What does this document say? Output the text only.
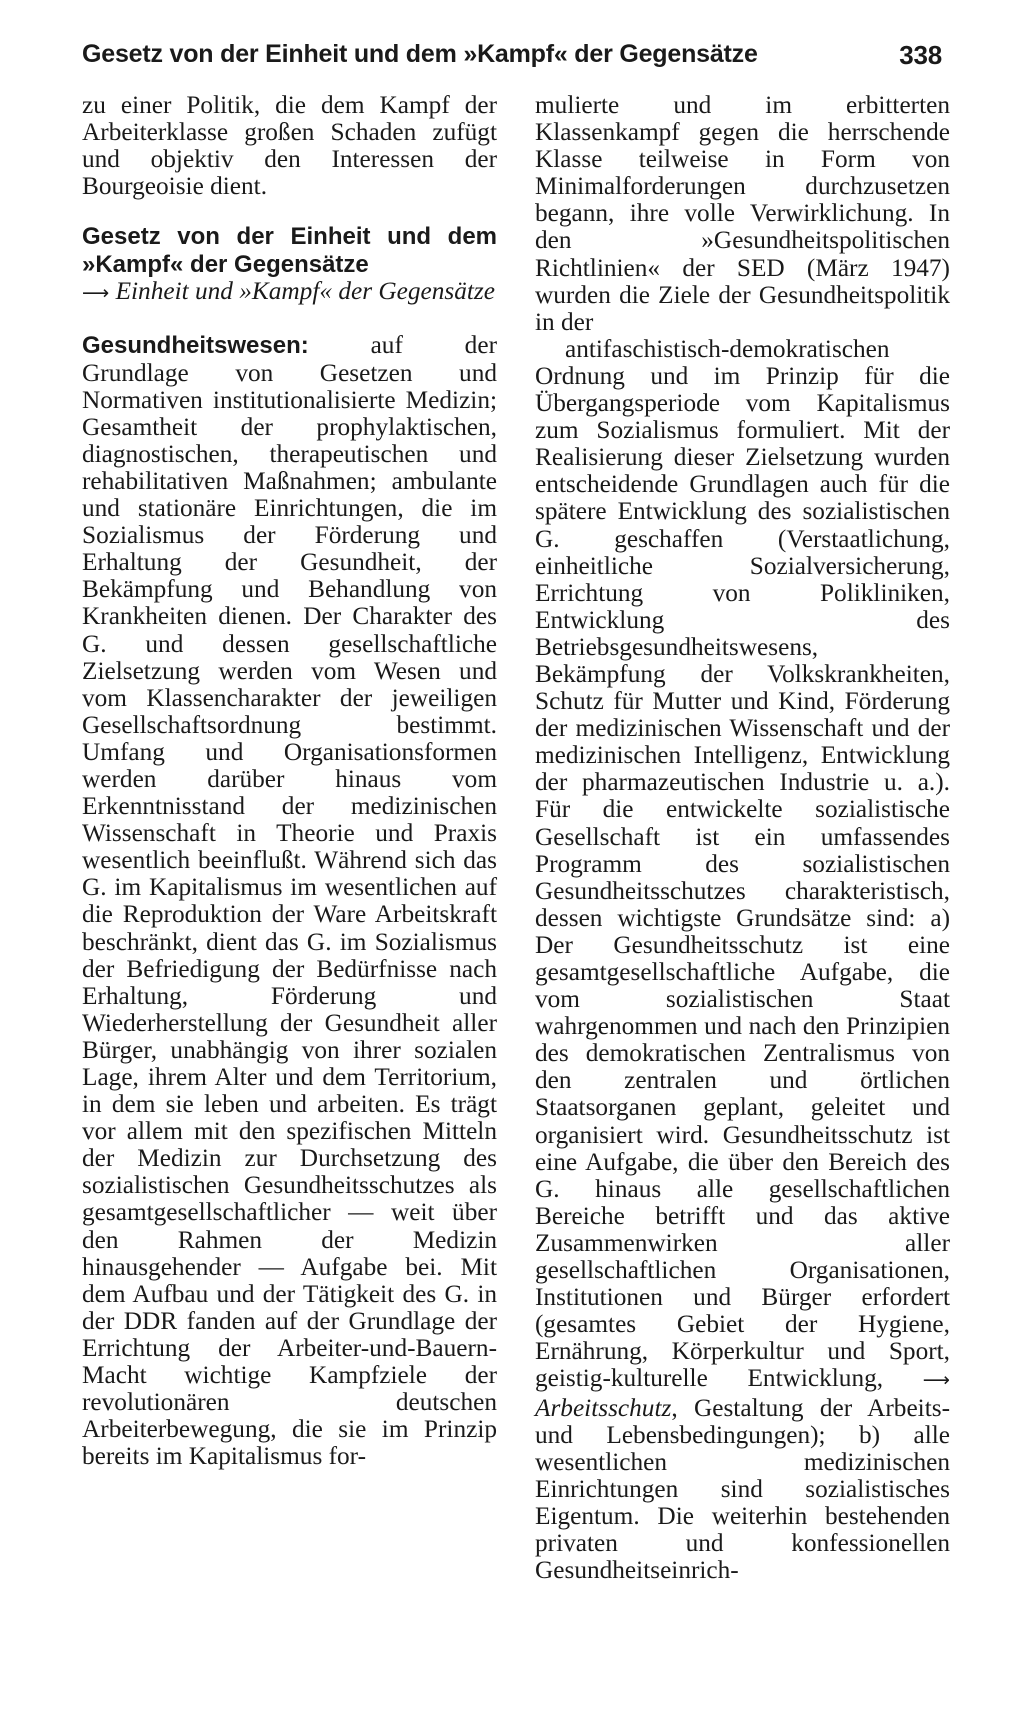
Gesetz von der Einheit und dem »Kampf« der Gegensätze	338

zu einer Politik, die dem Kampf der Arbeiterklasse großen Schaden zufügt und objektiv den Interessen der Bourgeoisie dient.

Gesetz von der Einheit und dem »Kampf« der Gegensätze

⟶ Einheit und »Kampf« der Gegensätze

Gesundheitswesen: auf der Grundlage von Gesetzen und Normativen institutionalisierte Medizin; Gesamtheit der prophylaktischen, diagnostischen, therapeutischen und rehabilitativen Maßnahmen; ambulante und stationäre Einrichtungen, die im Sozialismus der Förderung und Erhaltung der Gesundheit, der Bekämpfung und Behandlung von Krankheiten dienen. Der Charakter des G. und dessen gesellschaftliche Zielsetzung werden vom Wesen und vom Klassencharakter der jeweiligen Gesellschaftsordnung bestimmt. Umfang und Organisationsformen werden darüber hinaus vom Erkenntnisstand der medizinischen Wissenschaft in Theorie und Praxis wesentlich beeinflußt. Während sich das G. im Kapitalismus im wesentlichen auf die Reproduktion der Ware Arbeitskraft beschränkt, dient das G. im Sozialismus der Befriedigung der Bedürfnisse nach Erhaltung, Förderung und Wiederherstellung der Gesundheit aller Bürger, unabhängig von ihrer sozialen Lage, ihrem Alter und dem Territorium, in dem sie leben und arbeiten. Es trägt vor allem mit den spezifischen Mitteln der Medizin zur Durchsetzung des sozialistischen Gesundheitsschutzes als gesamtgesellschaftlicher — weit über den Rahmen der Medizin hinausgehender — Aufgabe bei. Mit dem Aufbau und der Tätigkeit des G. in der DDR fanden auf der Grundlage der Errichtung der Arbeiter-und-Bauern-Macht wichtige Kampfziele der revolutionären deutschen Arbeiterbewegung, die sie im Prinzip bereits im Kapitalismus for-

mulierte und im erbitterten Klassenkampf gegen die herrschende Klasse teilweise in Form von Minimalforderungen durchzusetzen begann, ihre volle Verwirklichung. In den »Gesundheitspolitischen Richtlinien« der SED (März 1947) wurden die Ziele der Gesundheitspolitik in der

antifaschistisch-demokratischen

Ordnung und im Prinzip für die Übergangsperiode vom Kapitalismus zum Sozialismus formuliert. Mit der Realisierung dieser Zielsetzung wurden entscheidende Grundlagen auch für die spätere Entwicklung des sozialistischen G. geschaffen (Verstaatlichung, einheitliche Sozialversicherung, Errichtung von Polikliniken, Entwicklung des Betriebsgesundheitswesens, Bekämpfung der Volkskrankheiten, Schutz für Mutter und Kind, Förderung der medizinischen Wissenschaft und der medizinischen Intelligenz, Entwicklung der pharmazeutischen Industrie u. a.). Für die entwickelte sozialistische Gesellschaft ist ein umfassendes Programm des sozialistischen Gesundheitsschutzes charakteristisch, dessen wichtigste Grundsätze sind: a) Der Gesundheitsschutz ist eine gesamtgesellschaftliche Aufgabe, die vom sozialistischen Staat wahrgenommen und nach den Prinzipien des demokratischen Zentralismus von den zentralen und örtlichen Staatsorganen geplant, geleitet und organisiert wird. Gesundheitsschutz ist eine Aufgabe, die über den Bereich des G. hinaus alle gesellschaftlichen Bereiche betrifft und das aktive Zusammenwirken aller gesellschaftlichen Organisationen, Institutionen und Bürger erfordert (gesamtes Gebiet der Hygiene, Ernährung, Körperkultur und Sport, geistig-kulturelle Entwicklung, ⟶ Arbeitsschutz, Gestaltung der Arbeits- und Lebensbedingungen); b) alle wesentlichen medizinischen Einrichtungen sind sozialistisches Eigentum. Die weiterhin bestehenden privaten und konfessionellen Gesundheitseinrich-
